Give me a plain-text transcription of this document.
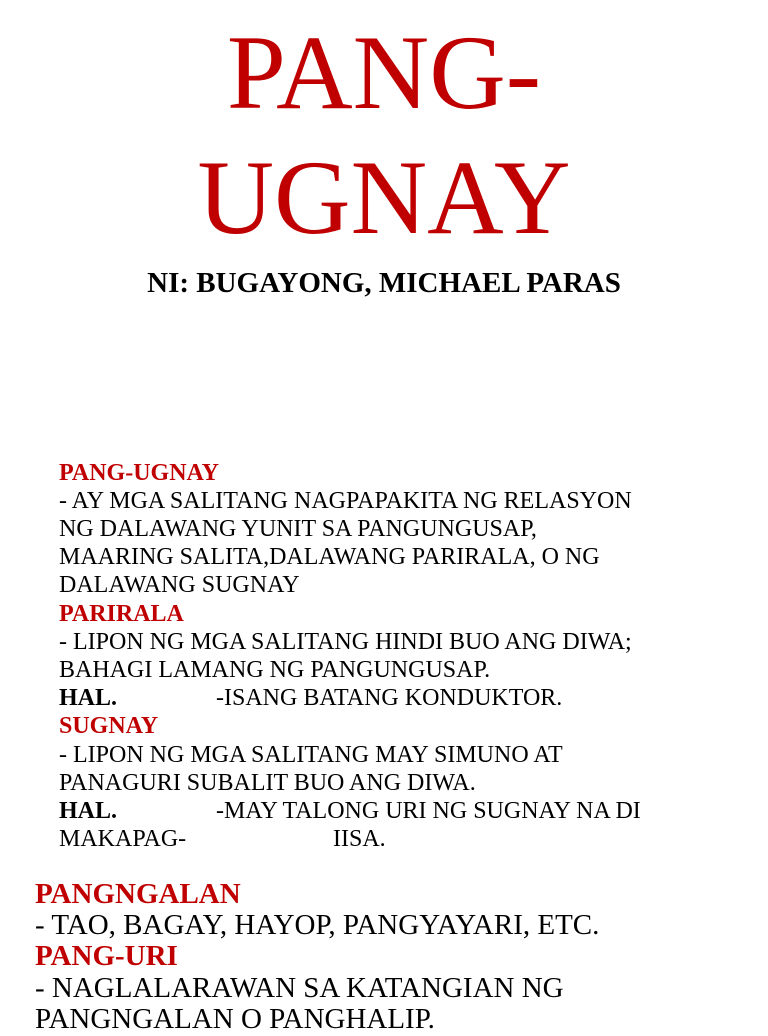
PANG-
UGNAY
NI: BUGAYONG, MICHAEL PARAS
PANG-UGNAY
- AY MGA SALITANG NAGPAPAKITA NG RELASYON
NG DALAWANG YUNIT SA PANGUNGUSAP,
MAARING SALITA,DALAWANG PARIRALA, O NG
DALAWANG SUGNAY
PARIRALA
- LIPON NG MGA SALITANG HINDI BUO ANG DIWA;
BAHAGI LAMANG NG PANGUNGUSAP.
HAL.	-ISANG BATANG KONDUKTOR.
SUGNAY
- LIPON NG MGA SALITANG MAY SIMUNO AT
PANAGURI SUBALIT BUO ANG DIWA.
HAL.	-MAY TALONG URI NG SUGNAY NA DI
MAKAPAG-	IISA.
PANGNGALAN
- TAO, BAGAY, HAYOP, PANGYAYARI, ETC.
PANG-URI
- NAGLALARAWAN SA KATANGIAN NG
PANGNGALAN O PANGHALIP.
